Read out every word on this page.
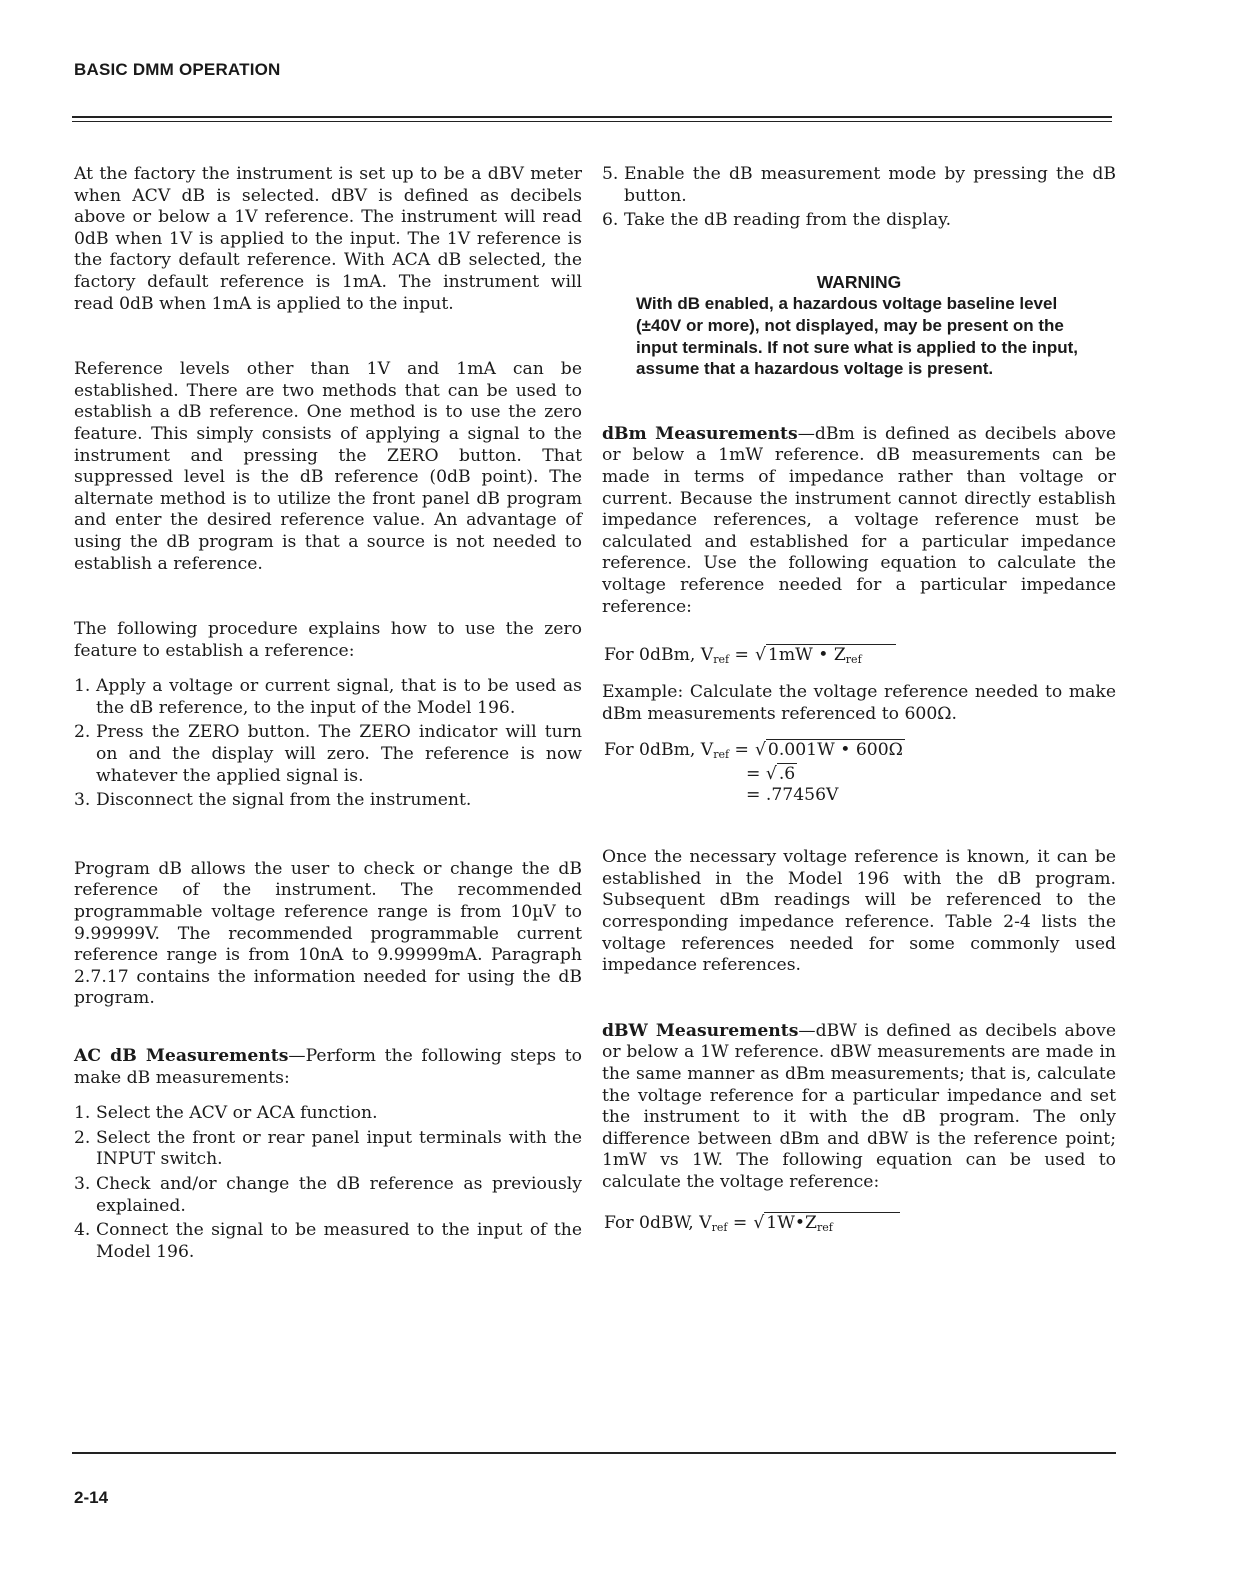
BASIC DMM OPERATION

At the factory the instrument is set up to be a dBV meter when ACV dB is selected. dBV is defined as decibels above or below a 1V reference. The instrument will read 0dB when 1V is applied to the input. The 1V reference is the factory default reference. With ACA dB selected, the factory default reference is 1mA. The instrument will read 0dB when 1mA is applied to the input.

Reference levels other than 1V and 1mA can be established. There are two methods that can be used to establish a dB reference. One method is to use the zero feature. This simply consists of applying a signal to the instrument and pressing the ZERO button. That suppressed level is the dB reference (0dB point). The alternate method is to utilize the front panel dB program and enter the desired reference value. An advantage of using the dB program is that a source is not needed to establish a reference.

The following procedure explains how to use the zero feature to establish a reference:

1. Apply a voltage or current signal, that is to be used as the dB reference, to the input of the Model 196.
2. Press the ZERO button. The ZERO indicator will turn on and the display will zero. The reference is now whatever the applied signal is.
3. Disconnect the signal from the instrument.

Program dB allows the user to check or change the dB reference of the instrument. The recommended programmable voltage reference range is from 10µV to 9.99999V. The recommended programmable current reference range is from 10nA to 9.99999mA. Paragraph 2.7.17 contains the information needed for using the dB program.

AC dB Measurements—Perform the following steps to make dB measurements:

1. Select the ACV or ACA function.
2. Select the front or rear panel input terminals with the INPUT switch.
3. Check and/or change the dB reference as previously explained.
4. Connect the signal to be measured to the input of the Model 196.
5. Enable the dB measurement mode by pressing the dB button.
6. Take the dB reading from the display.
WARNING
With dB enabled, a hazardous voltage baseline level (±40V or more), not displayed, may be present on the input terminals. If not sure what is applied to the input, assume that a hazardous voltage is present.

dBm Measurements—dBm is defined as decibels above or below a 1mW reference. dB measurements can be made in terms of impedance rather than voltage or current. Because the instrument cannot directly establish impedance references, a voltage reference must be calculated and established for a particular impedance reference. Use the following equation to calculate the voltage reference needed for a particular impedance reference:

For 0dBm, $V_{ref}$ =√ 1mW • $Z_{ref}$

Example: Calculate the voltage reference needed to make dBm measurements referenced to 600Ω.

For 0dBm, $V_{ref}$ =√ 0.001W • 600Ω
= √ .6
= .77456V

Once the necessary voltage reference is known, it can be established in the Model 196 with the dB program. Subsequent dBm readings will be referenced to the corresponding impedance reference. Table 2-4 lists the voltage references needed for some commonly used impedance references.

dBW Measurements—dBW is defined as decibels above or below a 1W reference. dBW measurements are made in the same manner as dBm measurements; that is, calculate the voltage reference for a particular impedance and set the instrument to it with the dB program. The only difference between dBm and dBW is the reference point; 1mW vs 1W. The following equation can be used to calculate the voltage reference:

For 0dBW, $V_{ref}$ =√ $1W•Z_{ref}$
2-14
